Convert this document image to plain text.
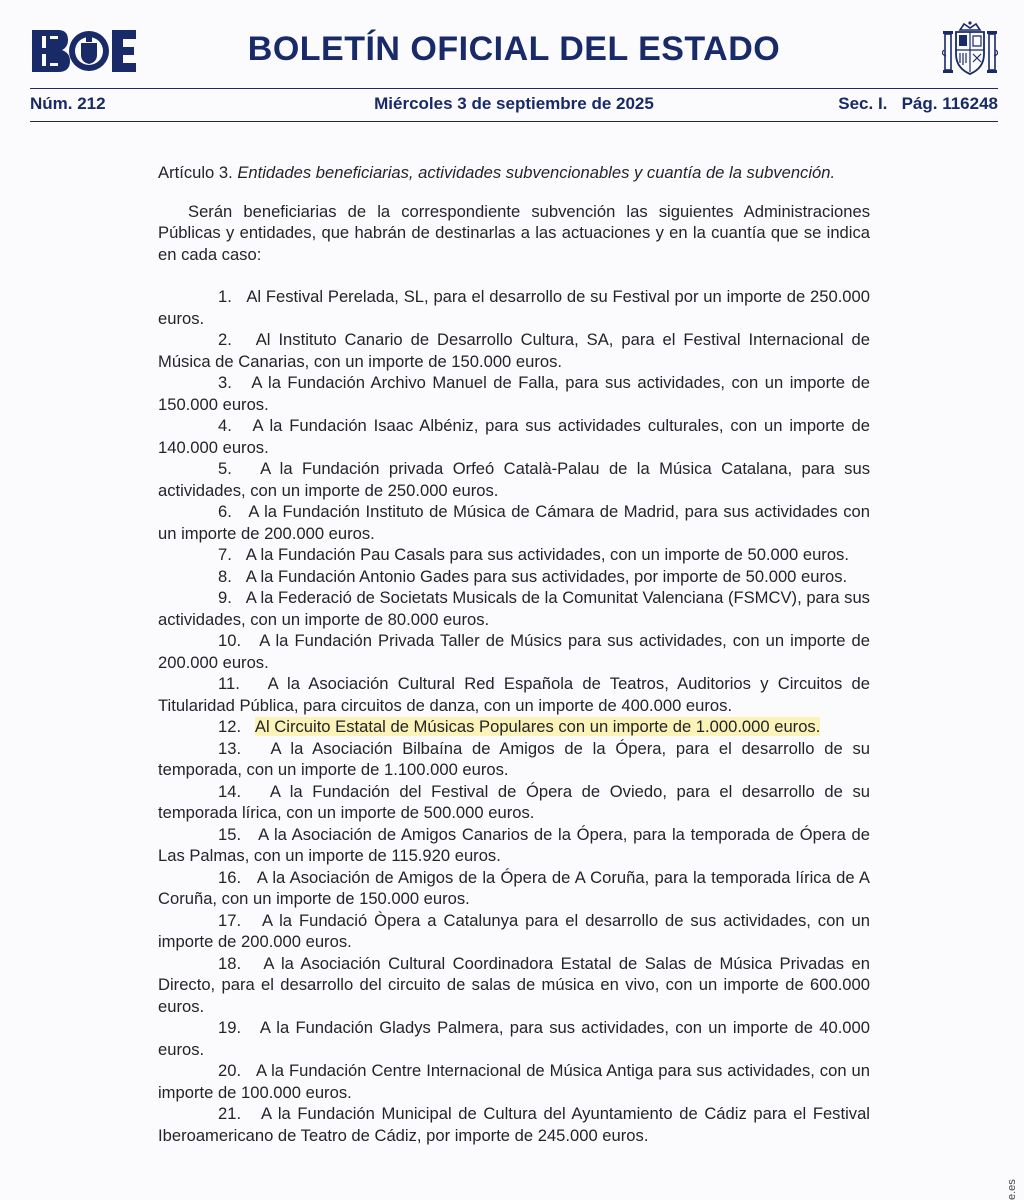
BOLETÍN OFICIAL DEL ESTADO
Núm. 212	Miércoles 3 de septiembre de 2025	Sec. I.   Pág. 116248

Artículo 3. Entidades beneficiarias, actividades subvencionables y cuantía de la subvención.

Serán beneficiarias de la correspondiente subvención las siguientes Administraciones Públicas y entidades, que habrán de destinarlas a las actuaciones y en la cuantía que se indica en cada caso:

1. Al Festival Perelada, SL, para el desarrollo de su Festival por un importe de 250.000 euros.
2. Al Instituto Canario de Desarrollo Cultura, SA, para el Festival Internacional de Música de Canarias, con un importe de 150.000 euros.
3. A la Fundación Archivo Manuel de Falla, para sus actividades, con un importe de 150.000 euros.
4. A la Fundación Isaac Albéniz, para sus actividades culturales, con un importe de 140.000 euros.
5. A la Fundación privada Orfeó Català-Palau de la Música Catalana, para sus actividades, con un importe de 250.000 euros.
6. A la Fundación Instituto de Música de Cámara de Madrid, para sus actividades con un importe de 200.000 euros.
7. A la Fundación Pau Casals para sus actividades, con un importe de 50.000 euros.
8. A la Fundación Antonio Gades para sus actividades, por importe de 50.000 euros.
9. A la Federació de Societats Musicals de la Comunitat Valenciana (FSMCV), para sus actividades, con un importe de 80.000 euros.
10. A la Fundación Privada Taller de Músics para sus actividades, con un importe de 200.000 euros.
11. A la Asociación Cultural Red Española de Teatros, Auditorios y Circuitos de Titularidad Pública, para circuitos de danza, con un importe de 400.000 euros.
12. Al Circuito Estatal de Músicas Populares con un importe de 1.000.000 euros.
13. A la Asociación Bilbaína de Amigos de la Ópera, para el desarrollo de su temporada, con un importe de 1.100.000 euros.
14. A la Fundación del Festival de Ópera de Oviedo, para el desarrollo de su temporada lírica, con un importe de 500.000 euros.
15. A la Asociación de Amigos Canarios de la Ópera, para la temporada de Ópera de Las Palmas, con un importe de 115.920 euros.
16. A la Asociación de Amigos de la Ópera de A Coruña, para la temporada lírica de A Coruña, con un importe de 150.000 euros.
17. A la Fundació Òpera a Catalunya para el desarrollo de sus actividades, con un importe de 200.000 euros.
18. A la Asociación Cultural Coordinadora Estatal de Salas de Música Privadas en Directo, para el desarrollo del circuito de salas de música en vivo, con un importe de 600.000 euros.
19. A la Fundación Gladys Palmera, para sus actividades, con un importe de 40.000 euros.
20. A la Fundación Centre Internacional de Música Antiga para sus actividades, con un importe de 100.000 euros.
21. A la Fundación Municipal de Cultura del Ayuntamiento de Cádiz para el Festival Iberoamericano de Teatro de Cádiz, por importe de 245.000 euros.
e.es
